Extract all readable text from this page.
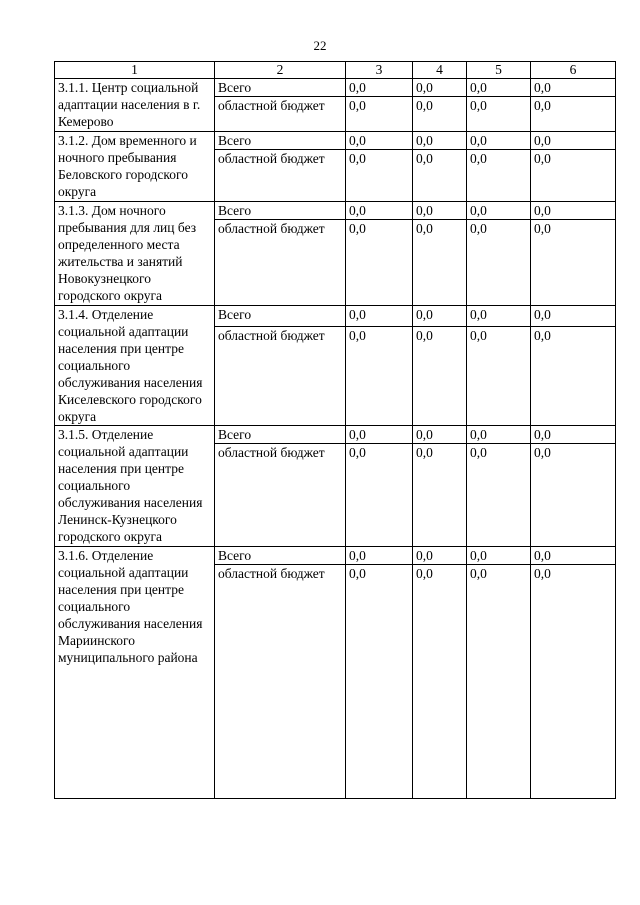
22
1	2	3	4	5	6
3.1.1. Центр социальной адаптации населения в г. Кемерово	Всего	0,0	0,0	0,0	0,0
	областной бюджет	0,0	0,0	0,0	0,0
3.1.2. Дом временного и ночного пребывания Беловского городского округа	Всего	0,0	0,0	0,0	0,0
	областной бюджет	0,0	0,0	0,0	0,0
3.1.3. Дом ночного пребывания для лиц без определенного места жительства и занятий Новокузнецкого городского округа	Всего	0,0	0,0	0,0	0,0
	областной бюджет	0,0	0,0	0,0	0,0
3.1.4. Отделение социальной адаптации населения при центре социального обслуживания населения Киселевского городского округа	Всего	0,0	0,0	0,0	0,0
	областной бюджет	0,0	0,0	0,0	0,0
3.1.5. Отделение социальной адаптации населения при центре социального обслуживания населения Ленинск-Кузнецкого городского округа	Всего	0,0	0,0	0,0	0,0
	областной бюджет	0,0	0,0	0,0	0,0
3.1.6. Отделение социальной адаптации населения при центре социального обслуживания населения Мариинского муниципального района	Всего	0,0	0,0	0,0	0,0
	областной бюджет	0,0	0,0	0,0	0,0
